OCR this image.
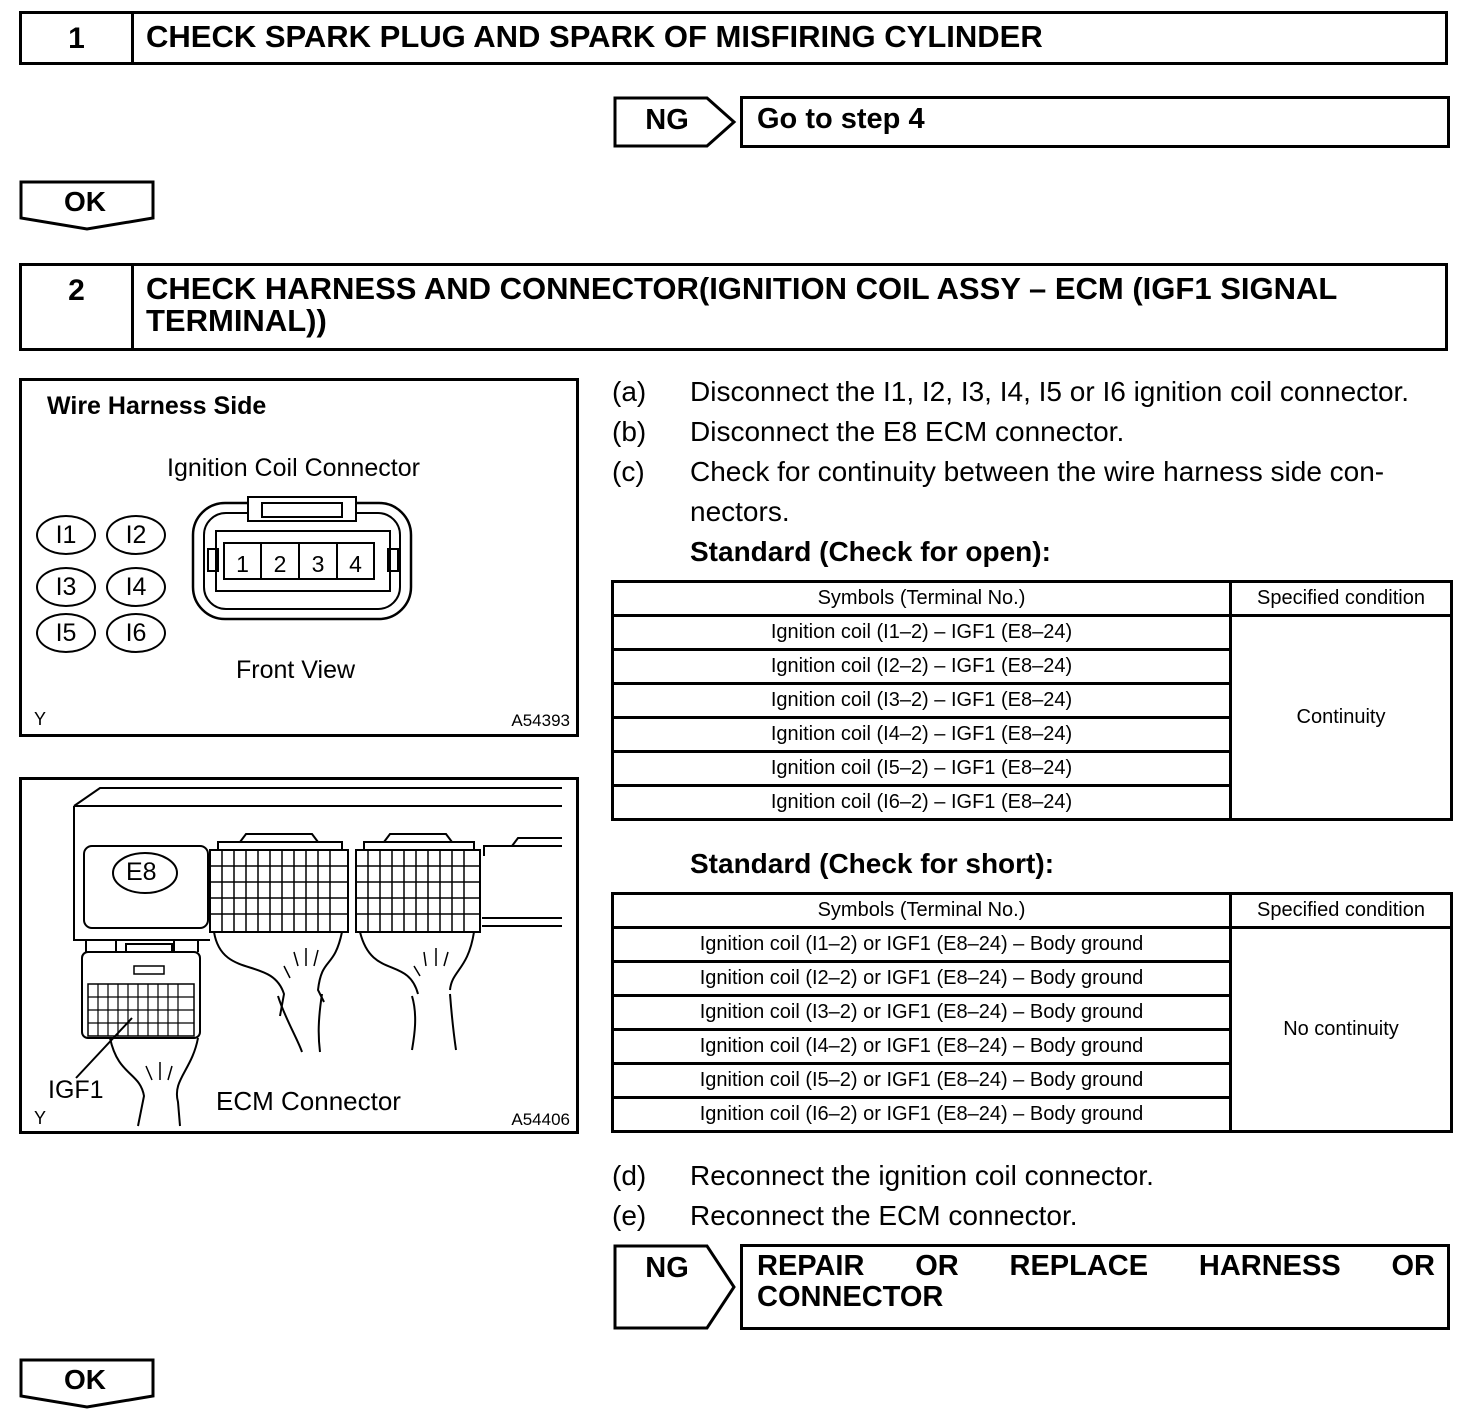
1	CHECK SPARK PLUG AND SPARK OF MISFIRING CYLINDER
NG	Go to step 4
OK
2	CHECK HARNESS AND CONNECTOR(IGNITION COIL ASSY – ECM (IGF1 SIGNAL TERMINAL))
Wire Harness Side
Ignition Coil Connector
I1	I2
I3	I4
I5	I6
1	2	3	4
Front View
Y	A54393
E8
IGF1	ECM Connector
Y	A54406
(a) Disconnect the I1, I2, I3, I4, I5 or I6 ignition coil connector.
(b) Disconnect the E8 ECM connector.
(c) Check for continuity between the wire harness side con-
nectors.
Standard (Check for open):
Symbols (Terminal No.)	Specified condition
Ignition coil (I1–2) – IGF1 (E8–24)	Continuity
Ignition coil (I2–2) – IGF1 (E8–24)	
Ignition coil (I3–2) – IGF1 (E8–24)	
Ignition coil (I4–2) – IGF1 (E8–24)	
Ignition coil (I5–2) – IGF1 (E8–24)	
Ignition coil (I6–2) – IGF1 (E8–24)	
Standard (Check for short):
Symbols (Terminal No.)	Specified condition
Ignition coil (I1–2) or IGF1 (E8–24) – Body ground	No continuity
Ignition coil (I2–2) or IGF1 (E8–24) – Body ground	
Ignition coil (I3–2) or IGF1 (E8–24) – Body ground	
Ignition coil (I4–2) or IGF1 (E8–24) – Body ground	
Ignition coil (I5–2) or IGF1 (E8–24) – Body ground	
Ignition coil (I6–2) or IGF1 (E8–24) – Body ground	
(d) Reconnect the ignition coil connector.
(e) Reconnect the ECM connector.
NG	REPAIR OR REPLACE HARNESS OR
CONNECTOR
OK
